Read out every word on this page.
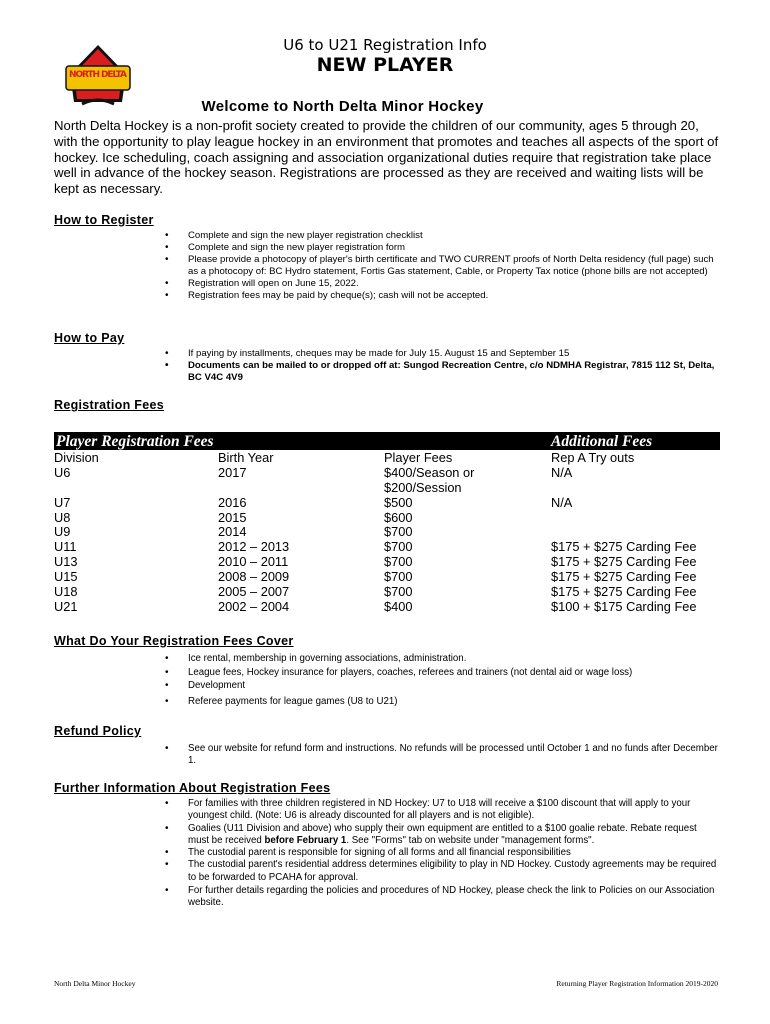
NORTH DELTA
U6 to U21 Registration Info
NEW PLAYER
Welcome to North Delta Minor Hockey
North Delta Hockey is a non-profit society created to provide the children of our community, ages 5 through 20, with the opportunity to play league hockey in an environment that promotes and teaches all aspects of the sport of hockey. Ice scheduling, coach assigning and association organizational duties require that registration take place well in advance of the hockey season. Registrations are processed as they are received and waiting lists will be kept as necessary.
How to Register
• Complete and sign the new player registration checklist
• Complete and sign the new player registration form
• Please provide a photocopy of player's birth certificate and TWO CURRENT proofs of North Delta residency (full page) such as a photocopy of: BC Hydro statement, Fortis Gas statement, Cable, or Property Tax notice (phone bills are not accepted)
• Registration will open on June 15, 2022.
• Registration fees may be paid by cheque(s); cash will not be accepted.
How to Pay
• If paying by installments, cheques may be made for July 15. August 15 and September 15
• Documents can be mailed to or dropped off at: Sungod Recreation Centre, c/o NDMHA Registrar, 7815 112 St, Delta, BC V4C 4V9
Registration Fees
Player Registration Fees	Additional Fees
Division	Birth Year	Player Fees	Rep A Try outs
U6	2017	$400/Season or	N/A
$200/Session
U7	2016	$500	N/A
U8	2015	$600
U9	2014	$700
U11	2012 – 2013	$700	$175 + $275 Carding Fee
U13	2010 – 2011	$700	$175 + $275 Carding Fee
U15	2008 – 2009	$700	$175 + $275 Carding Fee
U18	2005 – 2007	$700	$175 + $275 Carding Fee
U21	2002 – 2004	$400	$100 + $175 Carding Fee
What Do Your Registration Fees Cover
• Ice rental, membership in governing associations, administration.
• League fees, Hockey insurance for players, coaches, referees and trainers (not dental aid or wage loss)
• Development
• Referee payments for league games (U8 to U21)
Refund Policy
• See our website for refund form and instructions. No refunds will be processed until October 1 and no funds after December 1.
Further Information About Registration Fees
• For families with three children registered in ND Hockey: U7 to U18 will receive a $100 discount that will apply to your youngest child. (Note: U6 is already discounted for all players and is not eligible).
• Goalies (U11 Division and above) who supply their own equipment are entitled to a $100 goalie rebate. Rebate request must be received before February 1. See "Forms" tab on website under "management forms".
• The custodial parent is responsible for signing of all forms and all financial responsibilities
• The custodial parent's residential address determines eligibility to play in ND Hockey. Custody agreements may be required to be forwarded to PCAHA for approval.
• For further details regarding the policies and procedures of ND Hockey, please check the link to Policies on our Association website.
North Delta Minor Hockey	Returning Player Registration Information 2019-2020
